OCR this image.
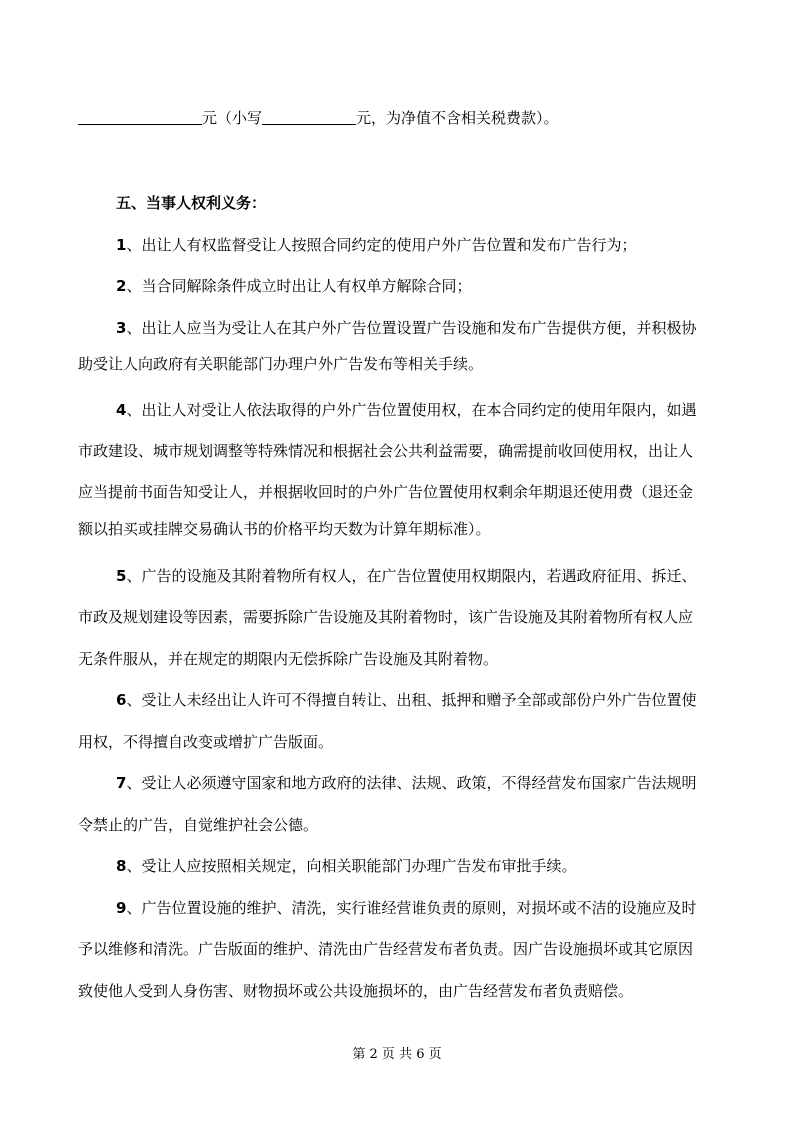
元（小写	元，为净值不含相关税费款）。
五、当事人权利义务：
1、出让人有权监督受让人按照合同约定的使用户外广告位置和发布广告行为；
2、当合同解除条件成立时出让人有权单方解除合同；
3、出让人应当为受让人在其户外广告位置设置广告设施和发布广告提供方便，并积极协
助受让人向政府有关职能部门办理户外广告发布等相关手续。
4、出让人对受让人依法取得的户外广告位置使用权，在本合同约定的使用年限内，如遇
市政建设、城市规划调整等特殊情况和根据社会公共利益需要，确需提前收回使用权，出让人
应当提前书面告知受让人，并根据收回时的户外广告位置使用权剩余年期退还使用费（退还金
额以拍买或挂牌交易确认书的价格平均天数为计算年期标准）。
5、广告的设施及其附着物所有权人，在广告位置使用权期限内，若遇政府征用、拆迁、
市政及规划建设等因素，需要拆除广告设施及其附着物时，该广告设施及其附着物所有权人应
无条件服从，并在规定的期限内无偿拆除广告设施及其附着物。
6、受让人未经出让人许可不得擅自转让、出租、抵押和赠予全部或部份户外广告位置使
用权，不得擅自改变或增扩广告版面。
7、受让人必须遵守国家和地方政府的法律、法规、政策，不得经营发布国家广告法规明
令禁止的广告，自觉维护社会公德。
8、受让人应按照相关规定，向相关职能部门办理广告发布审批手续。
9、广告位置设施的维护、清洗，实行谁经营谁负责的原则，对损坏或不洁的设施应及时
予以维修和清洗。广告版面的维护、清洗由广告经营发布者负责。因广告设施损坏或其它原因
致使他人受到人身伤害、财物损坏或公共设施损坏的，由广告经营发布者负责赔偿。
第 2 页 共 6 页
